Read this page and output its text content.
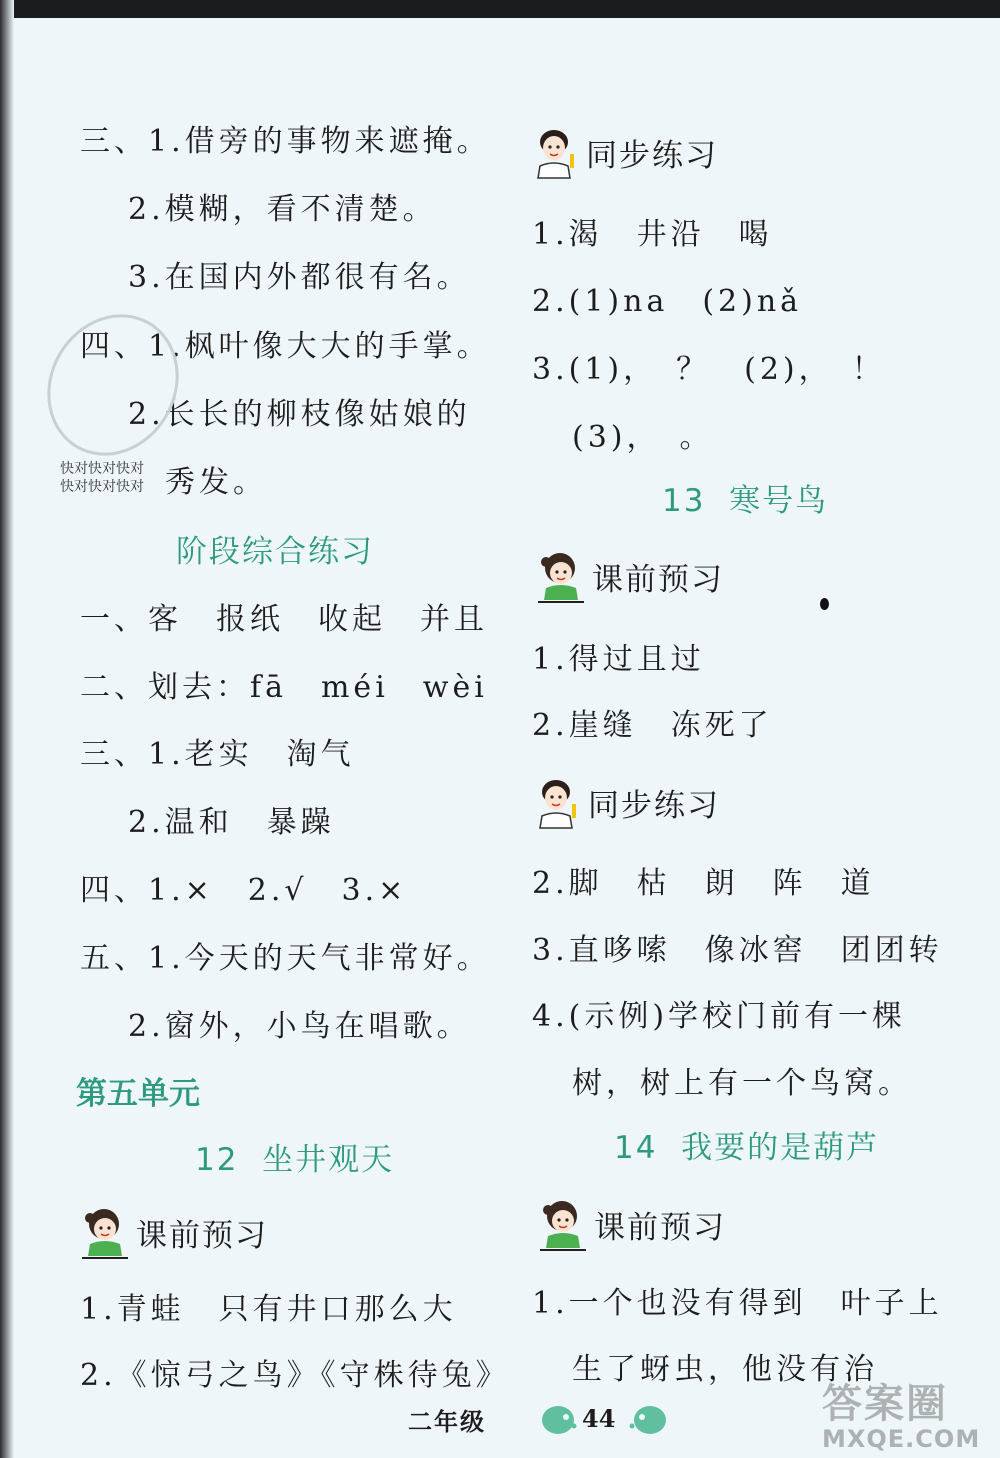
三、1.借旁的事物来遮掩。
2.模糊，看不清楚。
3.在国内外都很有名。
四、1.枫叶像大大的手掌。
2.长长的柳枝像姑娘的
秀发。
快对快对快对
快对快对快对
阶段综合练习
一、客　报纸　收起　并且
二、划去：fā　méi　wèi
三、1.老实　淘气
2.温和　暴躁
四、1.×　2.√　3.×
五、1.今天的天气非常好。
2.窗外，小鸟在唱歌。
第五单元
12  坐井观天
课前预习
1.青蛙　只有井口那么大
2.《惊弓之鸟》《守株待兔》
同步练习
1.渴　井沿　喝
2.(1)na　(2)nǎ
3.(1)，　？　(2)，　！
(3)，　。
13  寒号鸟
课前预习
1.得过且过
2.崖缝　冻死了
同步练习
2.脚　枯　朗　阵　道
3.直哆嗦　像冰窖　团团转
4.(示例)学校门前有一棵
树，树上有一个鸟窝。
14  我要的是葫芦
课前预习
1.一个也没有得到　叶子上
生了蚜虫，他没有治
二年级	44	答案圈
MXQE.COM
